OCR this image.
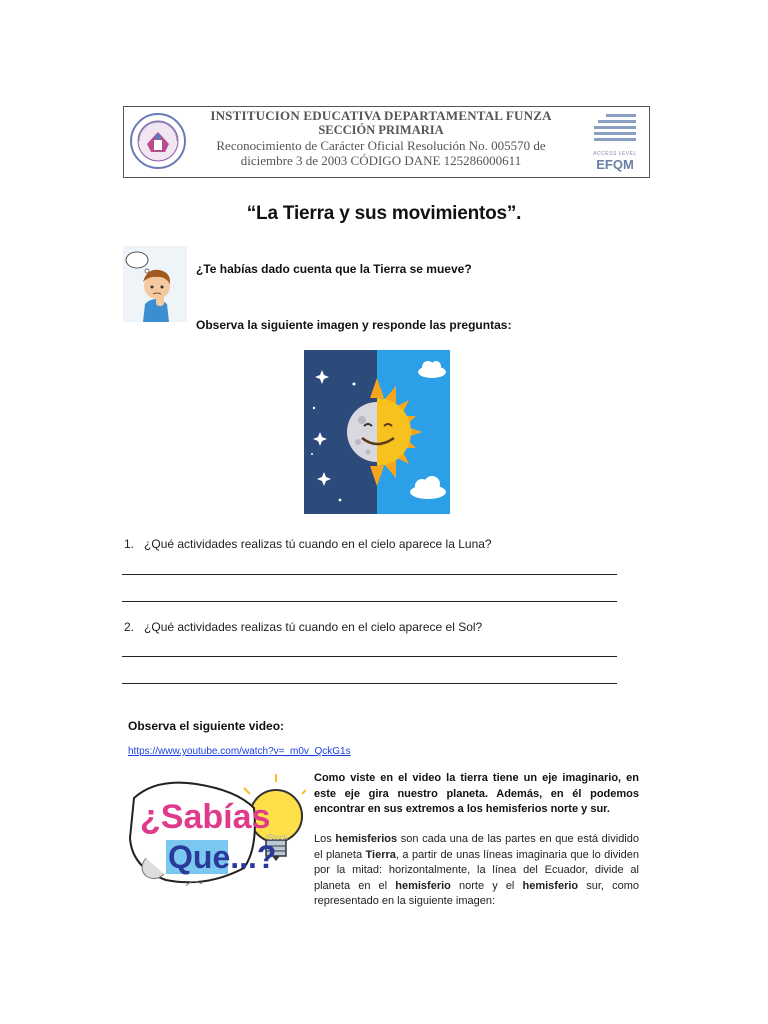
INSTITUCION EDUCATIVA DEPARTAMENTAL FUNZA
SECCIÓN PRIMARIA
Reconocimiento de Carácter Oficial Resolución No. 005570 de
diciembre 3 de 2003 CÓDIGO DANE 125286000611	ACCESS LEVEL
EFQM
“La Tierra y sus movimientos”.
¿Te habías dado cuenta que la Tierra se mueve?
Observa la siguiente imagen y responde las preguntas:
1. ¿Qué actividades realizas tú cuando en el cielo aparece la Luna?
2. ¿Qué actividades realizas tú cuando en el cielo aparece el Sol?
Observa el siguiente video:
https://www.youtube.com/watch?v=_m0v_QckG1s
¿Sabías
Que...?
iStock
Como viste en el video la tierra tiene un eje imaginario, en este eje gira nuestro planeta. Además, en él podemos encontrar en sus extremos a los hemisferios norte y sur.
Los hemisferios son cada una de las partes en que está dividido el planeta Tierra, a partir de unas líneas imaginaria que lo dividen por la mitad: horizontalmente, la línea del Ecuador, divide al planeta en el hemisferio norte y el hemisferio sur, como representado en la siguiente imagen:
